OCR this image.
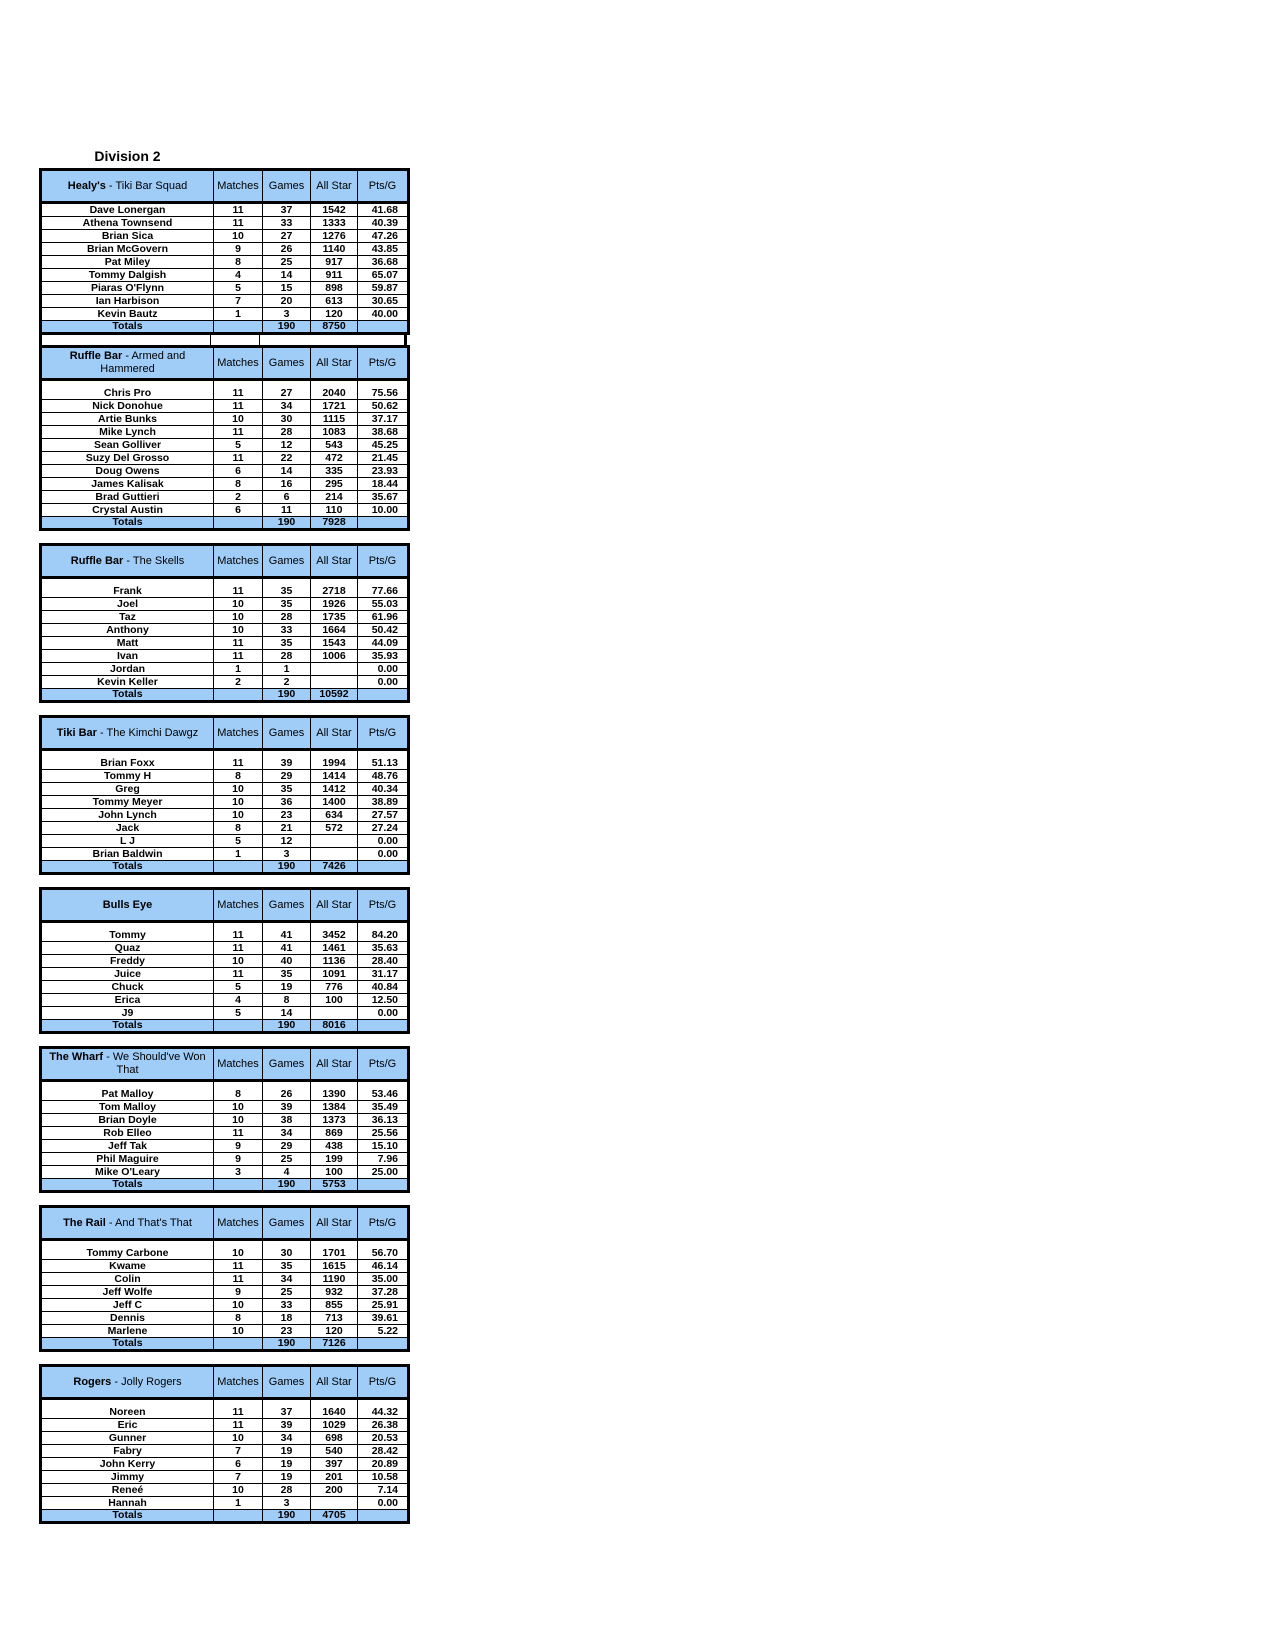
Division 2
Healy's - Tiki Bar Squad	Matches	Games	All Star	Pts/G
Dave Lonergan	11	37	1542	41.68
Athena Townsend	11	33	1333	40.39
Brian Sica	10	27	1276	47.26
Brian McGovern	9	26	1140	43.85
Pat Miley	8	25	917	36.68
Tommy Dalgish	4	14	911	65.07
Piaras O'Flynn	5	15	898	59.87
Ian Harbison	7	20	613	30.65
Kevin Bautz	1	3	120	40.00
Totals		190	8750	
Ruffle Bar - Armed and Hammered	Matches	Games	All Star	Pts/G

Chris Pro	11	27	2040	75.56
Nick Donohue	11	34	1721	50.62
Artie Bunks	10	30	1115	37.17
Mike Lynch	11	28	1083	38.68
Sean Golliver	5	12	543	45.25
Suzy Del Grosso	11	22	472	21.45
Doug Owens	6	14	335	23.93
James Kalisak	8	16	295	18.44
Brad Guttieri	2	6	214	35.67
Crystal Austin	6	11	110	10.00
Totals		190	7928	
Ruffle Bar - The Skells	Matches	Games	All Star	Pts/G

Frank	11	35	2718	77.66
Joel	10	35	1926	55.03
Taz	10	28	1735	61.96
Anthony	10	33	1664	50.42
Matt	11	35	1543	44.09
Ivan	11	28	1006	35.93
Jordan	1	1		0.00
Kevin Keller	2	2		0.00
Totals		190	10592	
Tiki Bar - The Kimchi Dawgz	Matches	Games	All Star	Pts/G

Brian Foxx	11	39	1994	51.13
Tommy H	8	29	1414	48.76
Greg	10	35	1412	40.34
Tommy Meyer	10	36	1400	38.89
John Lynch	10	23	634	27.57
Jack	8	21	572	27.24
L J	5	12		0.00
Brian Baldwin	1	3		0.00
Totals		190	7426	
Bulls Eye	Matches	Games	All Star	Pts/G

Tommy	11	41	3452	84.20
Quaz	11	41	1461	35.63
Freddy	10	40	1136	28.40
Juice	11	35	1091	31.17
Chuck	5	19	776	40.84
Erica	4	8	100	12.50
J9	5	14		0.00
Totals		190	8016	
The Wharf - We Should've Won That	Matches	Games	All Star	Pts/G

Pat Malloy	8	26	1390	53.46
Tom Malloy	10	39	1384	35.49
Brian Doyle	10	38	1373	36.13
Rob Elleo	11	34	869	25.56
Jeff Tak	9	29	438	15.10
Phil Maguire	9	25	199	7.96
Mike O'Leary	3	4	100	25.00
Totals		190	5753	
The Rail - And That's That	Matches	Games	All Star	Pts/G

Tommy Carbone	10	30	1701	56.70
Kwame	11	35	1615	46.14
Colin	11	34	1190	35.00
Jeff Wolfe	9	25	932	37.28
Jeff C	10	33	855	25.91
Dennis	8	18	713	39.61
Marlene	10	23	120	5.22
Totals		190	7126	
Rogers - Jolly Rogers	Matches	Games	All Star	Pts/G

Noreen	11	37	1640	44.32
Eric	11	39	1029	26.38
Gunner	10	34	698	20.53
Fabry	7	19	540	28.42
John Kerry	6	19	397	20.89
Jimmy	7	19	201	10.58
Reneé	10	28	200	7.14
Hannah	1	3		0.00
Totals		190	4705	
